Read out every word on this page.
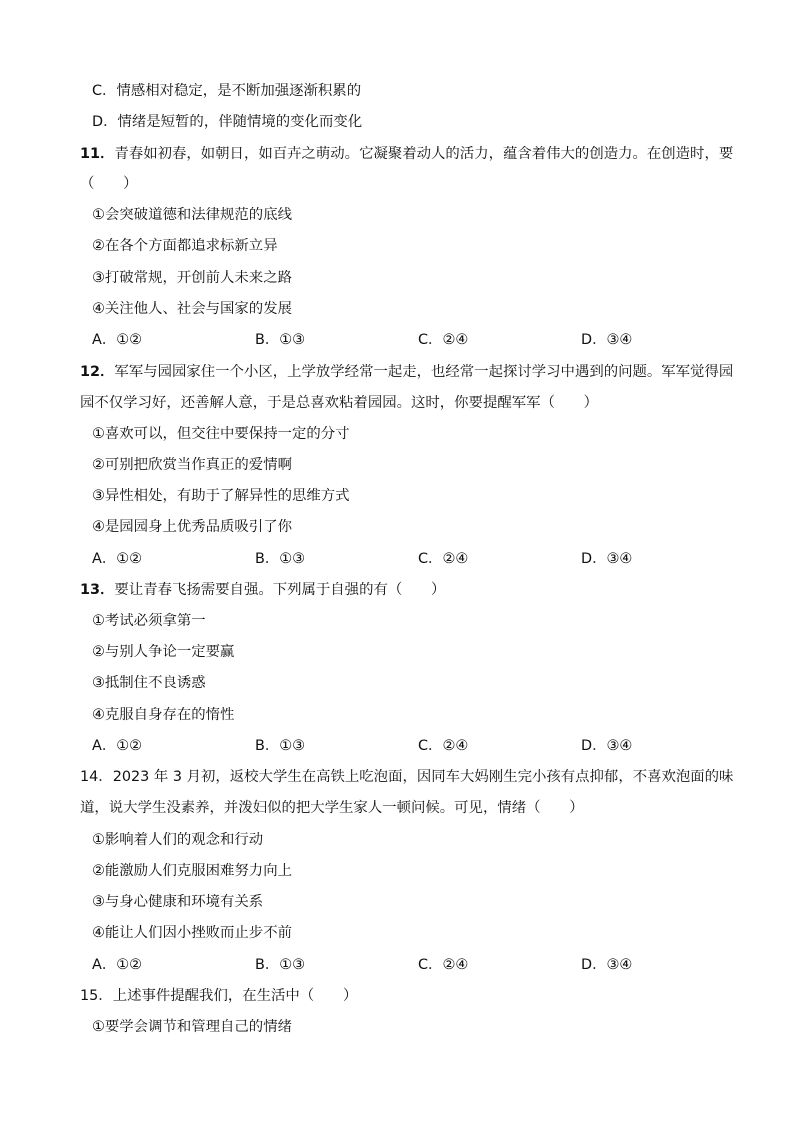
C．情感相对稳定，是不断加强逐渐积累的
D．情绪是短暂的，伴随情境的变化而变化
11．青春如初春，如朝日，如百卉之萌动。它凝聚着动人的活力，蕴含着伟大的创造力。在创造时，要
（　　）
①会突破道德和法律规范的底线
②在各个方面都追求标新立异
③打破常规，开创前人未来之路
④关注他人、社会与国家的发展
A．①②	B．①③	C．②④	D．③④
12．军军与园园家住一个小区，上学放学经常一起走，也经常一起探讨学习中遇到的问题。军军觉得园
园不仅学习好，还善解人意，于是总喜欢粘着园园。这时，你要提醒军军（　　）
①喜欢可以，但交往中要保持一定的分寸
②可别把欣赏当作真正的爱情啊
③异性相处，有助于了解异性的思维方式
④是园园身上优秀品质吸引了你
A．①②	B．①③	C．②④	D．③④
13．要让青春飞扬需要自强。下列属于自强的有（　　）
①考试必须拿第一
②与别人争论一定要赢
③抵制住不良诱惑
④克服自身存在的惰性
A．①②	B．①③	C．②④	D．③④
14．2023 年 3 月初，返校大学生在高铁上吃泡面，因同车大妈刚生完小孩有点抑郁，不喜欢泡面的味
道，说大学生没素养，并泼妇似的把大学生家人一顿问候。可见，情绪（　　）
①影响着人们的观念和行动
②能激励人们克服困难努力向上
③与身心健康和环境有关系
④能让人们因小挫败而止步不前
A．①②	B．①③	C．②④	D．③④
15．上述事件提醒我们，在生活中（　　）
①要学会调节和管理自己的情绪
